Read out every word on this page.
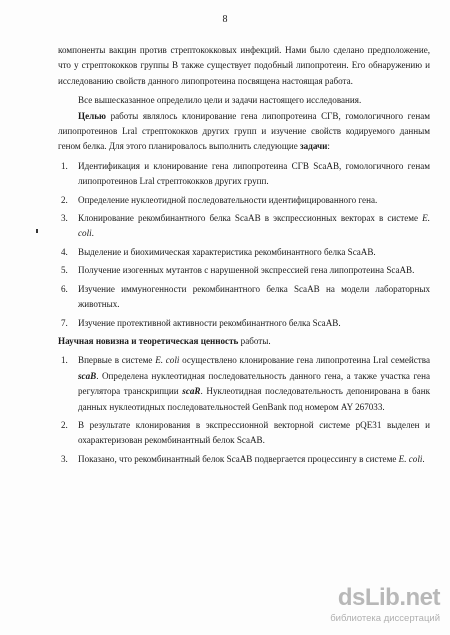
8

компоненты вакцин против стрептококковых инфекций. Нами было сделано предположение, что у стрептококков группы В также существует подобный липопротеин. Его обнаружению и исследованию свойств данного липопротеина посвящена настоящая работа.

Все вышесказанное определило цели и задачи настоящего исследования.

Целью работы являлось клонирование гена липопротеина СГВ, гомологичного генам липопротеинов Lral стрептококков других групп и изучение свойств кодируемого данным геном белка. Для этого планировалось выполнить следующие задачи:

1.	Идентификация и клонирование гена липопротеина СГВ ScaAB, гомологичного генам липопротеинов Lral стрептококков других групп.
2.	Определение нуклеотидной последовательности идентифицированного гена.
3.	Клонирование рекомбинантного белка ScaAB в экспрессионных векторах в системе E. coli.
4.	Выделение и биохимическая характеристика рекомбинантного белка ScaAB.
5.	Получение изогенных мутантов с нарушенной экспрессией гена липопротеина ScaAB.
6.	Изучение иммуногенности рекомбинантного белка ScaAB на модели лабораторных животных.
7.	Изучение протективной активности рекомбинантного белка ScaAB.

Научная новизна и теоретическая ценность работы.

1.	Впервые в системе E. coli осуществлено клонирование гена липопротеина Lral семейства scaB. Определена нуклеотидная последовательность данного гена, а также участка гена регулятора транскрипции scaR. Нуклеотидная последовательность депонирована в банк данных нуклеотидных последовательностей GenBank под номером AY 267033.
2.	В результате клонирования в экспрессионной векторной системе pQE31 выделен и охарактеризован рекомбинантный белок ScaAB.
3.	Показано, что рекомбинантный белок ScaAB подвергается процессингу в системе E. coli.
dsLib.net
библиотека диссертаций
